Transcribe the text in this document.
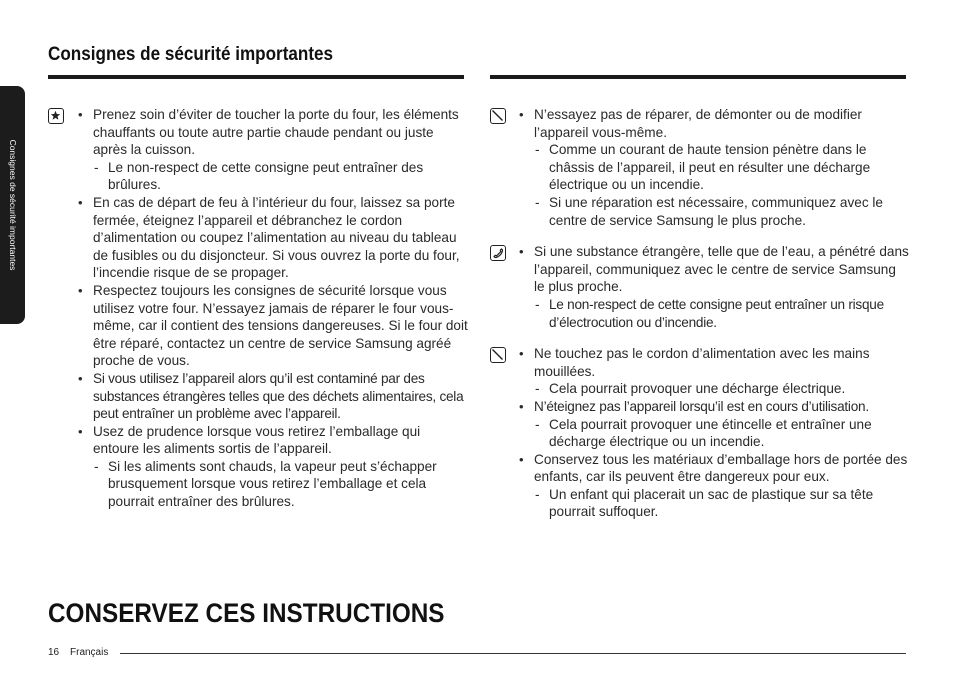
Consignes de sécurité importantes
Consignes de sécurité importantes
• Prenez soin d’éviter de toucher la porte du four, les éléments chauffants ou toute autre partie chaude pendant ou juste après la cuisson.
- Le non-respect de cette consigne peut entraîner des brûlures.
• En cas de départ de feu à l’intérieur du four, laissez sa porte fermée, éteignez l’appareil et débranchez le cordon d’alimentation ou coupez l’alimentation au niveau du tableau de fusibles ou du disjoncteur. Si vous ouvrez la porte du four, l’incendie risque de se propager.
• Respectez toujours les consignes de sécurité lorsque vous utilisez votre four. N’essayez jamais de réparer le four vous-même, car il contient des tensions dangereuses. Si le four doit être réparé, contactez un centre de service Samsung agréé proche de vous.
• Si vous utilisez l’appareil alors qu’il est contaminé par des substances étrangères telles que des déchets alimentaires, cela peut entraîner un problème avec l’appareil.
• Usez de prudence lorsque vous retirez l’emballage qui entoure les aliments sortis de l’appareil.
- Si les aliments sont chauds, la vapeur peut s’échapper brusquement lorsque vous retirez l’emballage et cela pourrait entraîner des brûlures.
• N’essayez pas de réparer, de démonter ou de modifier l’appareil vous-même.
- Comme un courant de haute tension pénètre dans le châssis de l’appareil, il peut en résulter une décharge électrique ou un incendie.
- Si une réparation est nécessaire, communiquez avec le centre de service Samsung le plus proche.
• Si une substance étrangère, telle que de l’eau, a pénétré dans l’appareil, communiquez avec le centre de service Samsung le plus proche.
- Le non-respect de cette consigne peut entraîner un risque d’électrocution ou d’incendie.
• Ne touchez pas le cordon d’alimentation avec les mains mouillées.
- Cela pourrait provoquer une décharge électrique.
• N’éteignez pas l’appareil lorsqu’il est en cours d’utilisation.
- Cela pourrait provoquer une étincelle et entraîner une décharge électrique ou un incendie.
• Conservez tous les matériaux d’emballage hors de portée des enfants, car ils peuvent être dangereux pour eux.
- Un enfant qui placerait un sac de plastique sur sa tête pourrait suffoquer.
CONSERVEZ CES INSTRUCTIONS
16 Français
